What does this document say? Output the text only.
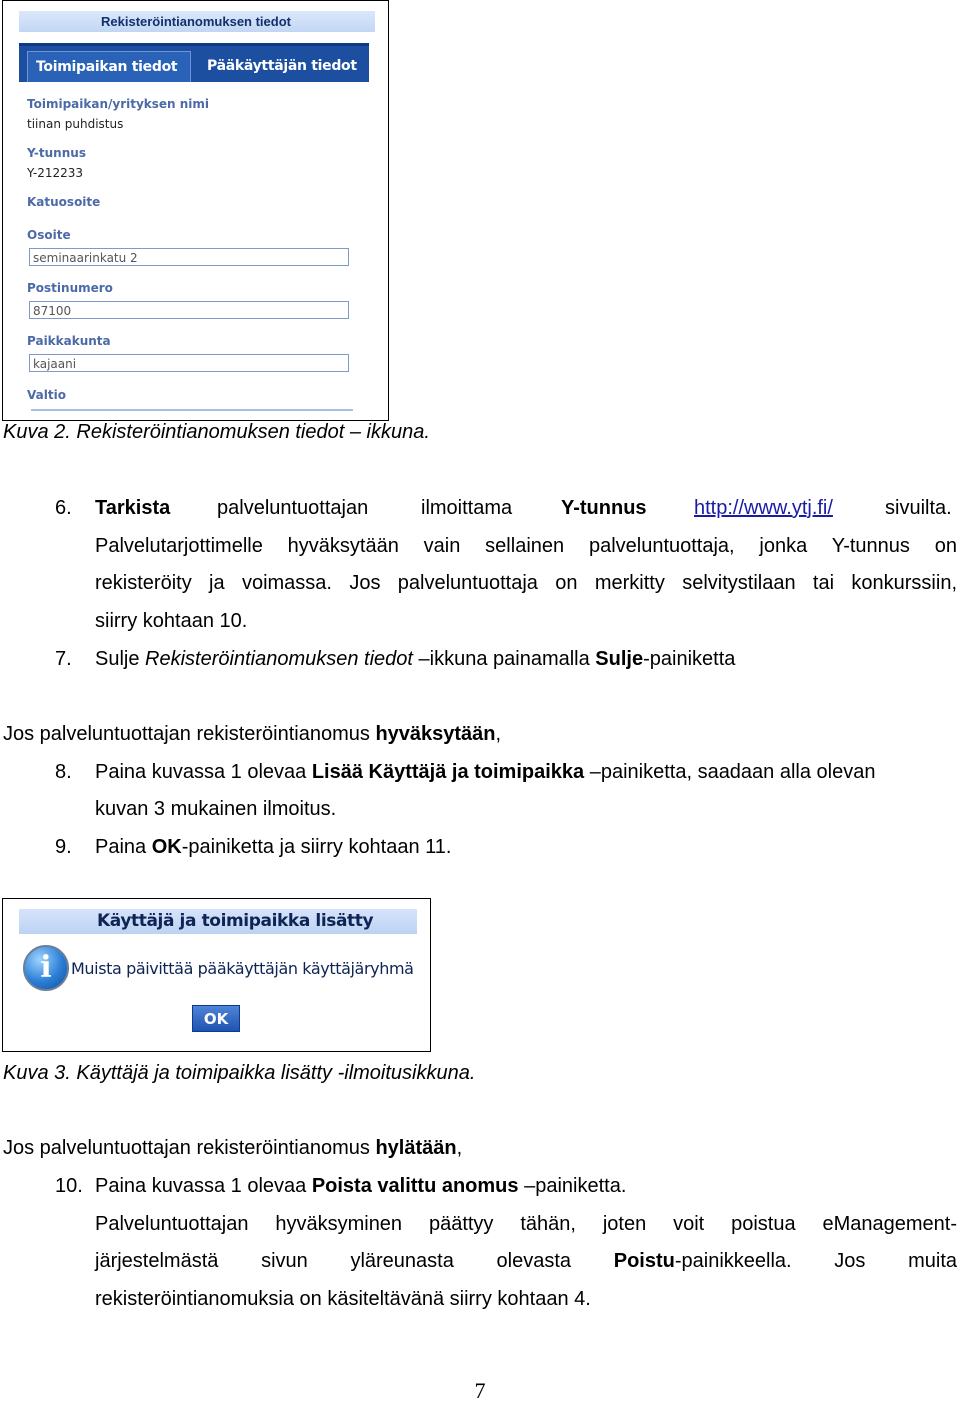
Rekisteröintianomuksen tiedot
Toimipaikan tiedot	Pääkäyttäjän tiedot
Toimipaikan/yrityksen nimi
tiinan puhdistus
Y-tunnus
Y-212233
Katuosoite
Osoite
seminaarinkatu 2
Postinumero
87100
Paikkakunta
kajaani
Valtio
Kuva 2. Rekisteröintianomuksen tiedot – ikkuna.
6. Tarkista palveluntuottajan	ilmoittama Y-tunnus http://www.ytj.fi/	sivuilta.
Palvelutarjottimelle hyväksytään vain sellainen palveluntuottaja, jonka Y-tunnus on
rekisteröity ja voimassa. Jos palveluntuottaja on merkitty selvitystilaan tai konkurssiin,
siirry kohtaan 10.
7. Sulje Rekisteröintianomuksen tiedot –ikkuna painamalla Sulje-painiketta
Jos palveluntuottajan rekisteröintianomus hyväksytään,
8. Paina kuvassa 1 olevaa Lisää Käyttäjä ja toimipaikka –painiketta, saadaan alla olevan
kuvan 3 mukainen ilmoitus.
9. Paina OK-painiketta ja siirry kohtaan 11.
Käyttäjä ja toimipaikka lisätty
i	Muista päivittää pääkäyttäjän käyttäjäryhmä
OK
Kuva 3. Käyttäjä ja toimipaikka lisätty -ilmoitusikkuna.
Jos palveluntuottajan rekisteröintianomus hylätään,
10. Paina kuvassa 1 olevaa Poista valittu anomus –painiketta.
Palveluntuottajan hyväksyminen päättyy tähän, joten voit poistua eManagement-
järjestelmästä sivun yläreunasta olevasta Poistu-painikkeella. Jos muita
rekisteröintianomuksia on käsiteltävänä siirry kohtaan 4.
7
